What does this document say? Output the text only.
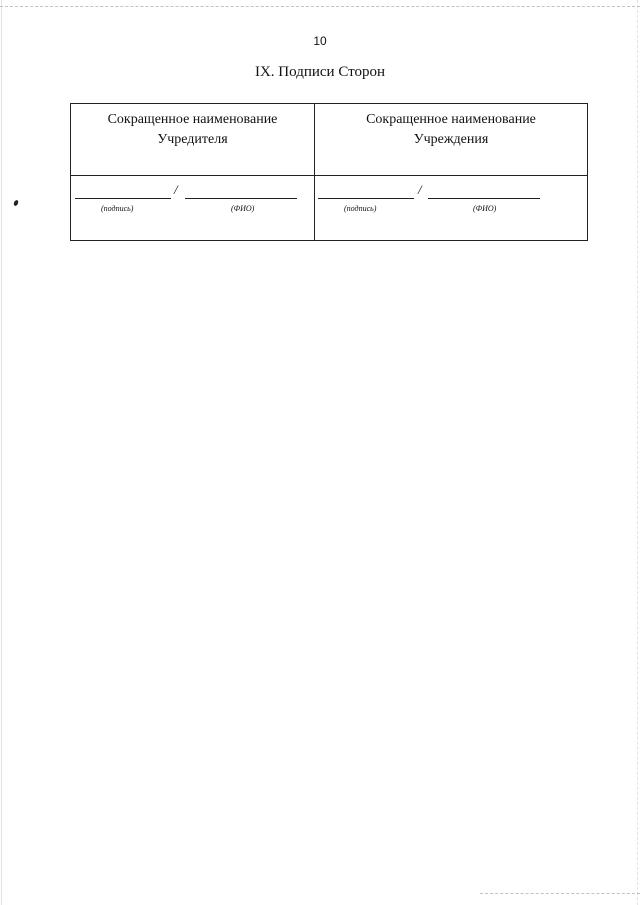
10
IX. Подписи Сторон
Сокращенное наименование
Учредителя
Сокращенное наименование
Учреждения
/
(подпись)	(ФИО)
/
(подпись)	(ФИО)
